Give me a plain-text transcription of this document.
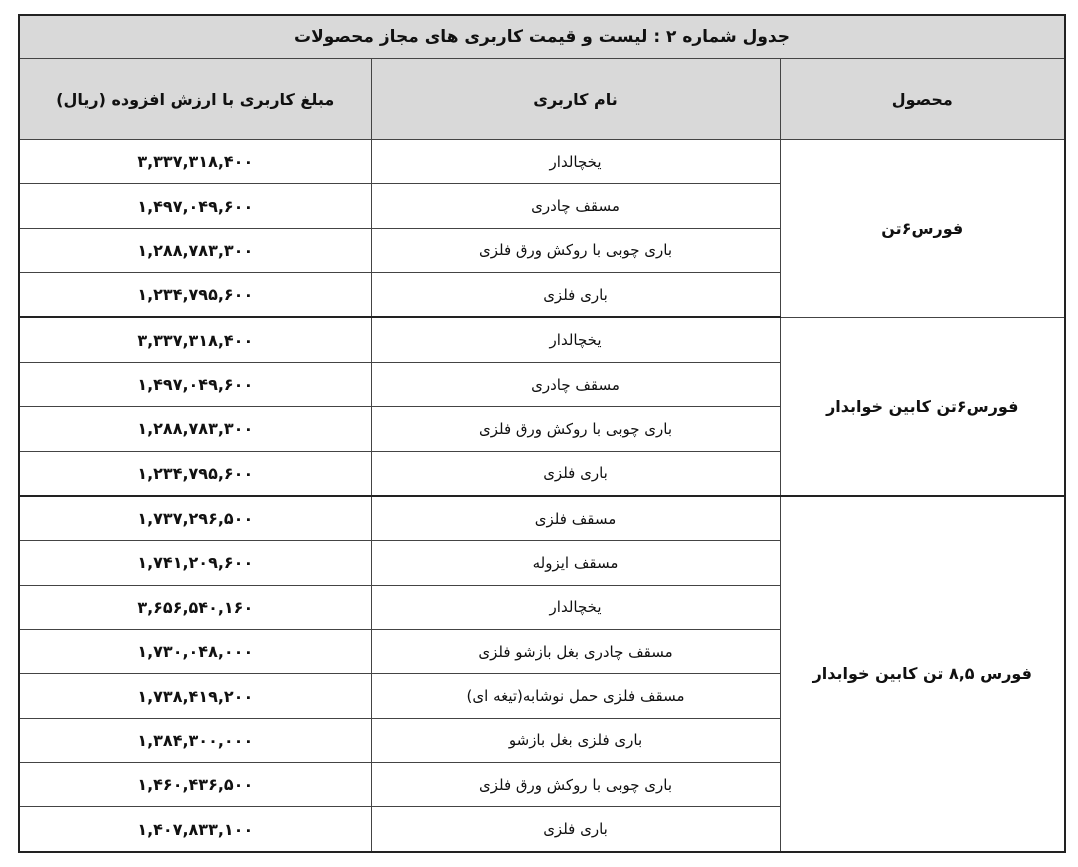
جدول شماره ۲ : لیست و قیمت کاربری های مجاز محصولات		
محصول	نام کاربری	مبلغ کاربری با ارزش افزوده (ریال)
فورس۶تن	یخچالدار	۳,۳۳۷,۳۱۸,۴۰۰
	مسقف چادری	۱,۴۹۷,۰۴۹,۶۰۰
	باری چوبی با روکش ورق فلزی	۱,۲۸۸,۷۸۳,۳۰۰
	باری فلزی	۱,۲۳۴,۷۹۵,۶۰۰
فورس۶تن کابین خوابدار	یخچالدار	۳,۳۳۷,۳۱۸,۴۰۰
	مسقف چادری	۱,۴۹۷,۰۴۹,۶۰۰
	باری چوبی با روکش ورق فلزی	۱,۲۸۸,۷۸۳,۳۰۰
	باری فلزی	۱,۲۳۴,۷۹۵,۶۰۰
فورس ۸,۵ تن کابین خوابدار	مسقف فلزی	۱,۷۳۷,۲۹۶,۵۰۰
	مسقف ایزوله	۱,۷۴۱,۲۰۹,۶۰۰
	یخچالدار	۳,۶۵۶,۵۴۰,۱۶۰
	مسقف چادری بغل بازشو فلزی	۱,۷۳۰,۰۴۸,۰۰۰
	مسقف فلزی حمل نوشابه(تیغه ای)	۱,۷۳۸,۴۱۹,۲۰۰
	باری فلزی بغل بازشو	۱,۳۸۴,۳۰۰,۰۰۰
	باری چوبی با روکش ورق فلزی	۱,۴۶۰,۴۳۶,۵۰۰
	باری فلزی	۱,۴۰۷,۸۳۳,۱۰۰
